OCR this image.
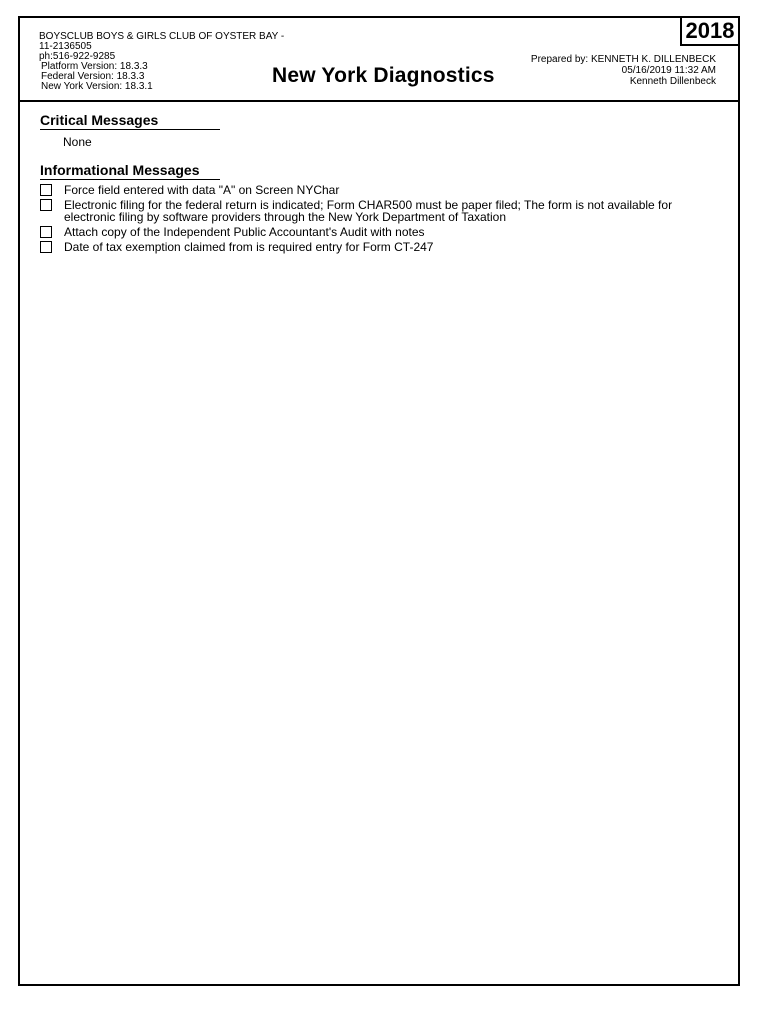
BOYSCLUB BOYS & GIRLS CLUB OF OYSTER BAY -
11-2136505
ph:516-922-9285
Platform Version: 18.3.3
Federal Version: 18.3.3
New York Version: 18.3.1	New York Diagnostics
2018
Prepared by: KENNETH K. DILLENBECK
05/16/2019 11:32 AM
Kenneth Dillenbeck
Critical Messages
None
Informational Messages
Force field entered with data "A" on Screen NYChar
Electronic filing for the federal return is indicated; Form CHAR500 must be paper filed; The form is not available for electronic filing by software providers through the New York Department of Taxation
Attach copy of the Independent Public Accountant's Audit with notes
Date of tax exemption claimed from is required entry for Form CT-247
